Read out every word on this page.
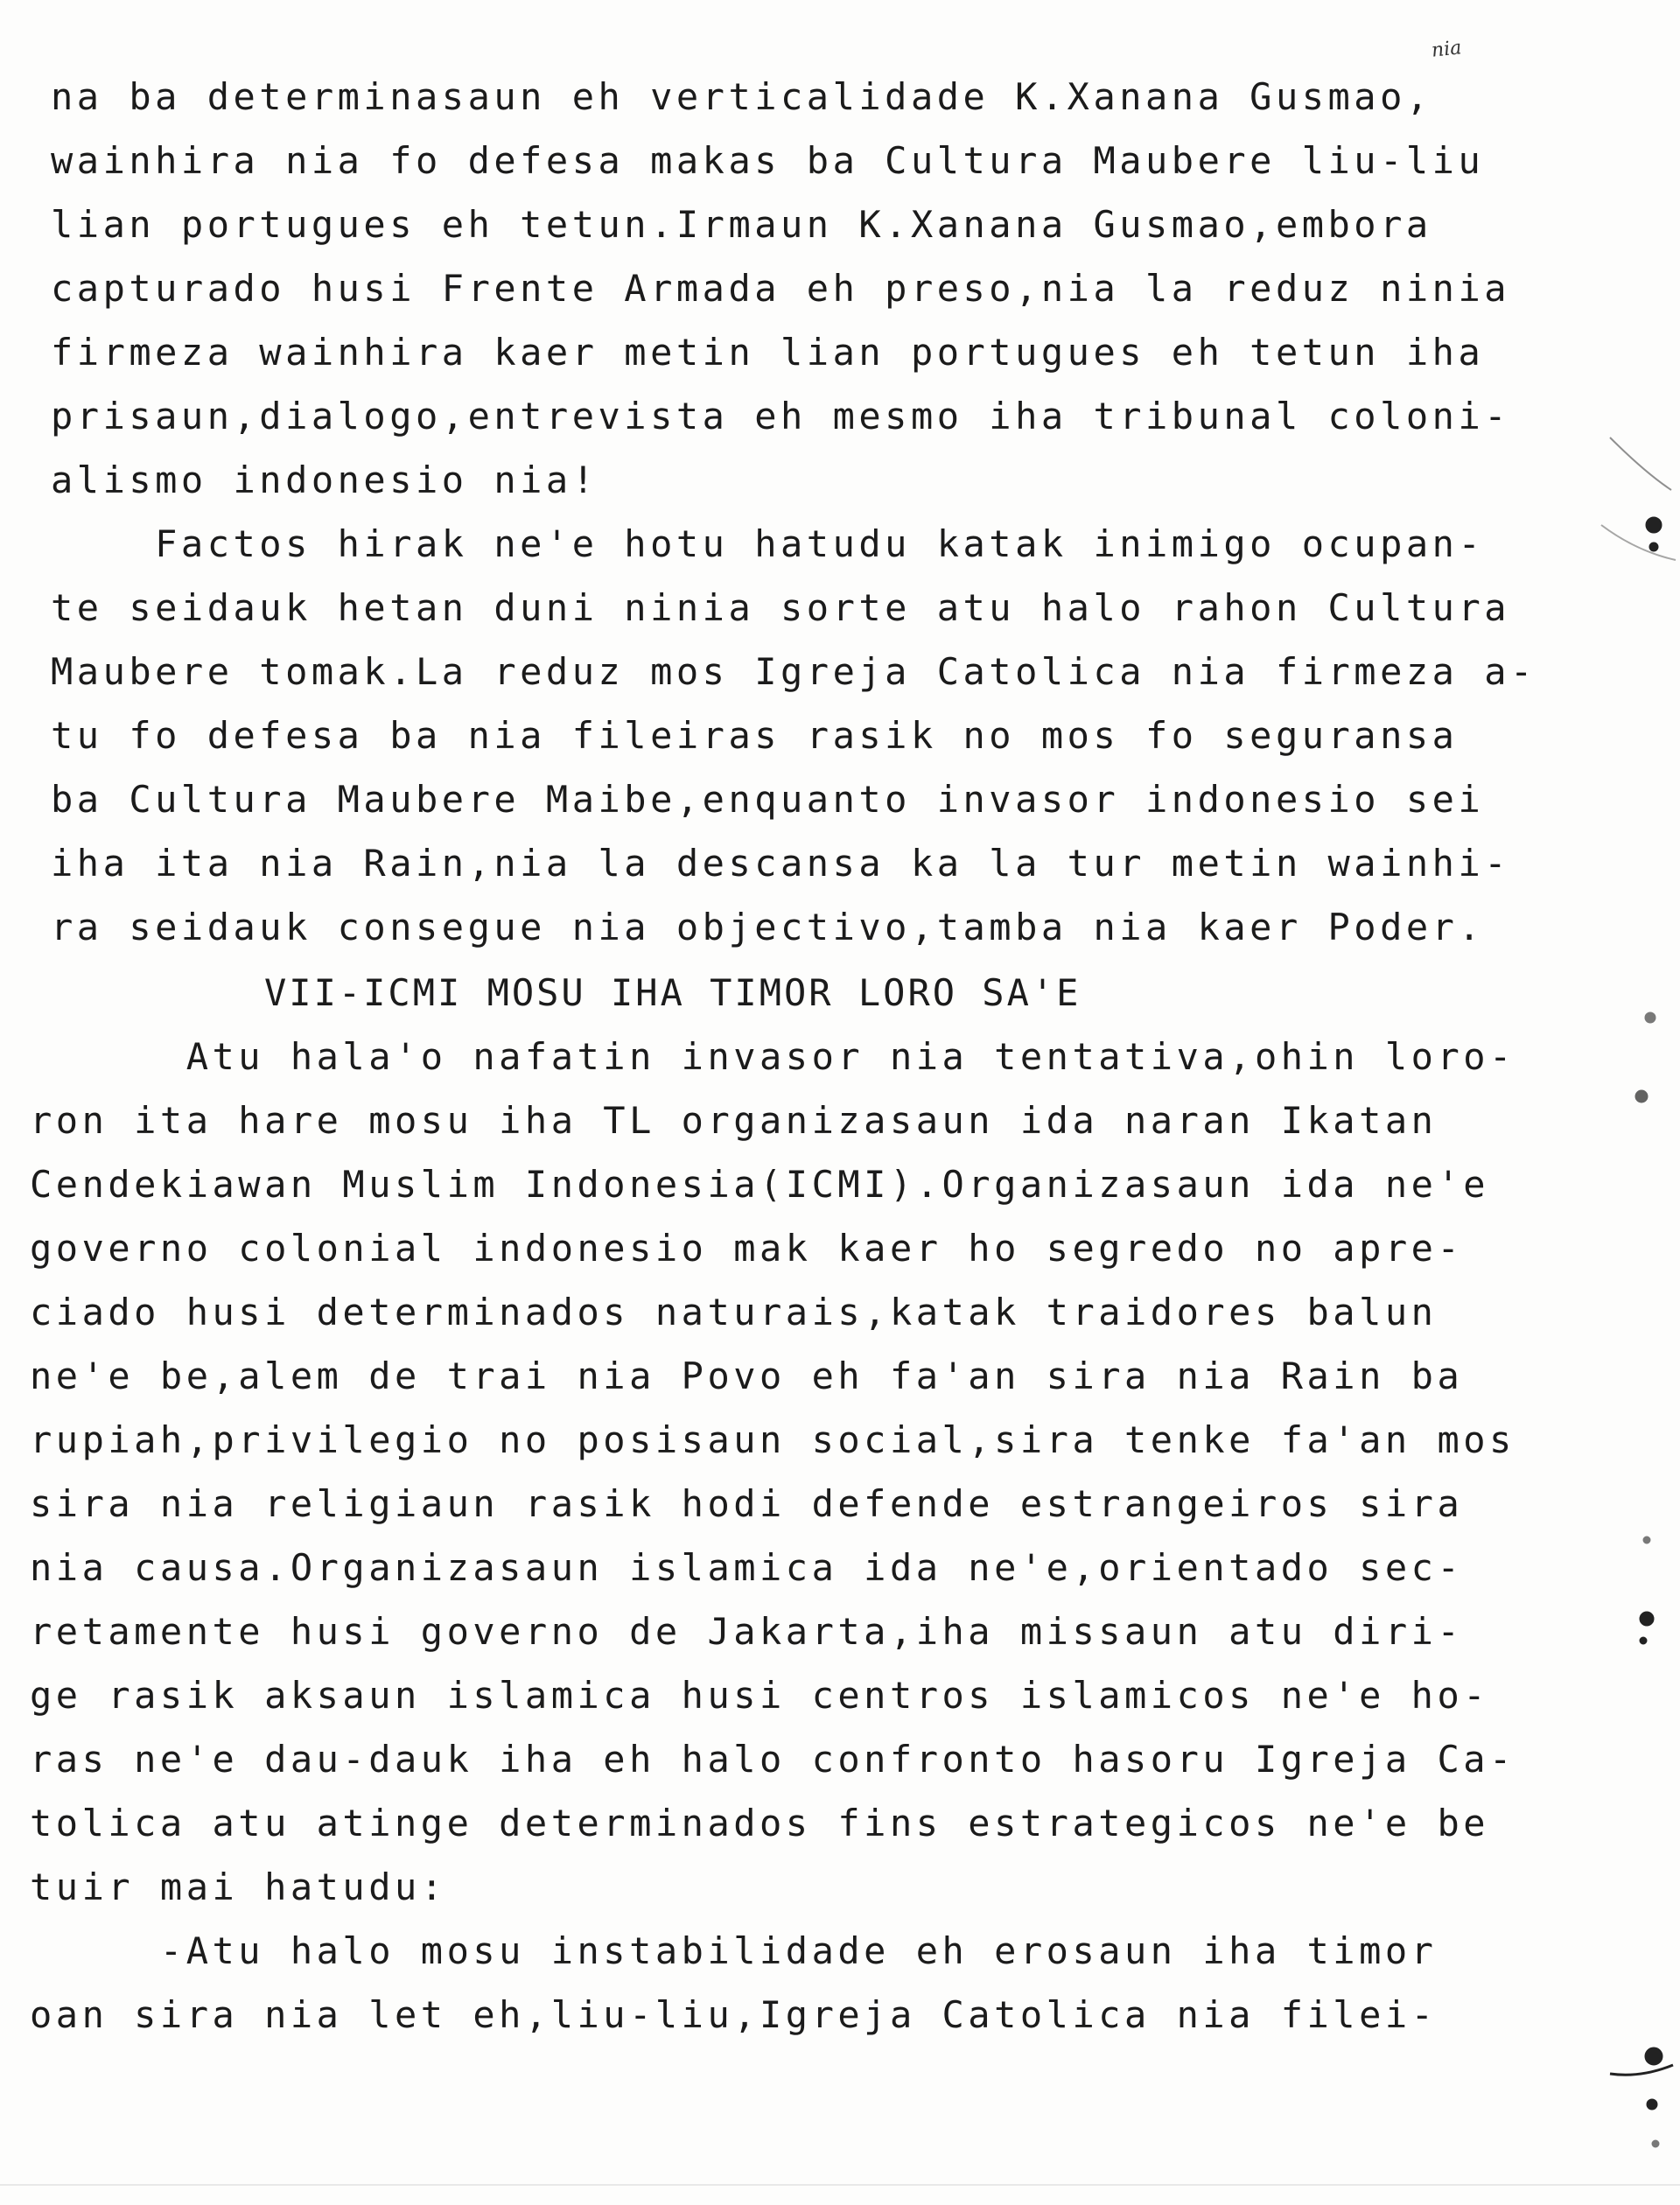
nia
na ba determinasaun eh verticalidade K.Xanana Gusmao,
wainhira nia fo defesa makas ba Cultura Maubere liu-liu
lian portugues eh tetun.Irmaun K.Xanana Gusmao,embora
capturado husi Frente Armada eh preso,nia la reduz ninia
firmeza wainhira kaer metin lian portugues eh tetun iha
prisaun,dialogo,entrevista eh mesmo iha tribunal coloni-
alismo indonesio nia!
Factos hirak ne'e hotu hatudu katak inimigo ocupan-
te seidauk hetan duni ninia sorte atu halo rahon Cultura
Maubere tomak.La reduz mos Igreja Catolica nia firmeza a-
tu fo defesa ba nia fileiras rasik no mos fo seguransa
ba Cultura Maubere Maibe,enquanto invasor indonesio sei
iha ita nia Rain,nia la descansa ka la tur metin wainhi-
ra seidauk consegue nia objectivo,tamba nia kaer Poder.
VII-ICMI MOSU IHA TIMOR LORO SA'E
Atu hala'o nafatin invasor nia tentativa,ohin loro-
ron ita hare mosu iha TL organizasaun ida naran Ikatan
Cendekiawan Muslim Indonesia(ICMI).Organizasaun ida ne'e
governo colonial indonesio mak kaer ho segredo no apre-
ciado husi determinados naturais,katak traidores balun
ne'e be,alem de trai nia Povo eh fa'an sira nia Rain ba
rupiah,privilegio no posisaun social,sira tenke fa'an mos
sira nia religiaun rasik hodi defende estrangeiros sira
nia causa.Organizasaun islamica ida ne'e,orientado sec-
retamente husi governo de Jakarta,iha missaun atu diri-
ge rasik aksaun islamica husi centros islamicos ne'e ho-
ras ne'e dau-dauk iha eh halo confronto hasoru Igreja Ca-
tolica atu atinge determinados fins estrategicos ne'e be
tuir mai hatudu:
-Atu halo mosu instabilidade eh erosaun iha timor
oan sira nia let eh,liu-liu,Igreja Catolica nia filei-
